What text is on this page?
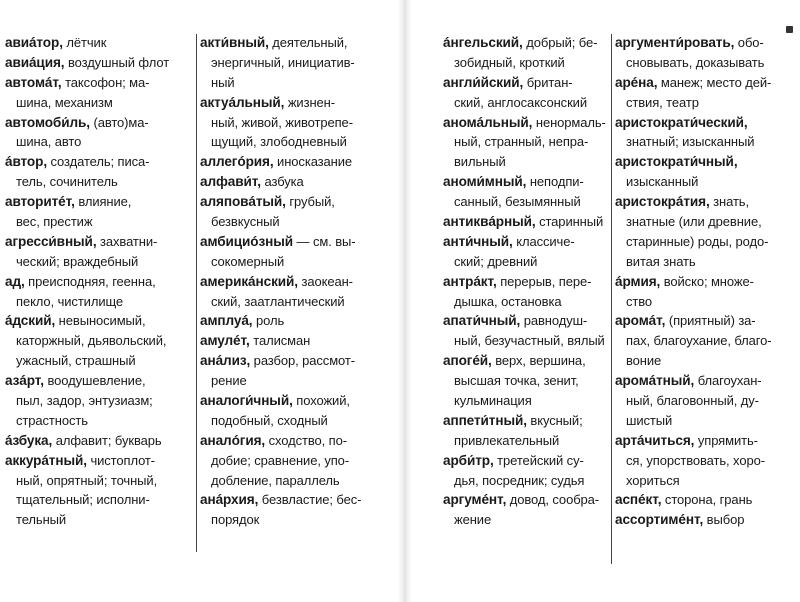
авиáтор, лётчик
авиáция, воздушный флот
автомáт, таксофон; ма-
шина, механизм
автомоби́ль, (авто)ма-
шина, авто
áвтор, создатель; писа-
тель, сочинитель
авторитéт, влияние,
вес, престиж
агресси́вный, захватни-
ческий; враждебный
ад, преисподняя, геенна,
пекло, чистилище
áдский, невыносимый,
каторжный, дьявольский,
ужасный, страшный
азáрт, воодушевление,
пыл, задор, энтузиазм;
страстность
áзбука, алфавит; букварь
аккурáтный, чистоплот-
ный, опрятный; точный,
тщательный; исполни-
тельный
акти́вный, деятельный,
энергичный, инициатив-
ный
актуáльный, жизнен-
ный, живой, животрепе-
щущий, злободневный
аллегóрия, иносказание
алфави́т, азбука
аляповáтый, грубый,
безвкусный
амбициóзный — см. вы-
сокомерный
америкáнский, заокеан-
ский, заатлантический
амплуá, роль
амулéт, талисман
анáлиз, разбор, рассмот-
рение
аналоги́чный, похожий,
подобный, сходный
аналóгия, сходство, по-
добие; сравнение, упо-
добление, параллель
анáрхия, безвластие; бес-
порядок
áнгельский, добрый; бе-
зобидный, кроткий
англи́йский, британ-
ский, англосаксонский
аномáльный, ненормаль-
ный, странный, непра-
вильный
аноми́мный, неподпи-
санный, безымянный
антиквáрный, старинный
анти́чный, классиче-
ский; древний
антрáкт, перерыв, пере-
дышка, остановка
апати́чный, равнодуш-
ный, безучастный, вялый
апогéй, верх, вершина,
высшая точка, зенит,
кульминация
аппети́тный, вкусный;
привлекательный
арби́тр, третейский су-
дья, посредник; судья
аргумéнт, довод, сообра-
жение
аргументи́ровать, обо-
сновывать, доказывать
арéна, манеж; место дей-
ствия, театр
аристократи́ческий,
знатный; изысканный
аристократи́чный,
изысканный
аристокрáтия, знать,
знатные (или древние,
старинные) роды, родо-
витая знать
áрмия, войско; множе-
ство
аромáт, (приятный) за-
пах, благоухание, благо-
воние
аромáтный, благоухан-
ный, благовонный, ду-
шистый
артáчиться, упрямить-
ся, упорствовать, хоро-
хориться
аспéкт, сторона, грань
ассортимéнт, выбор
